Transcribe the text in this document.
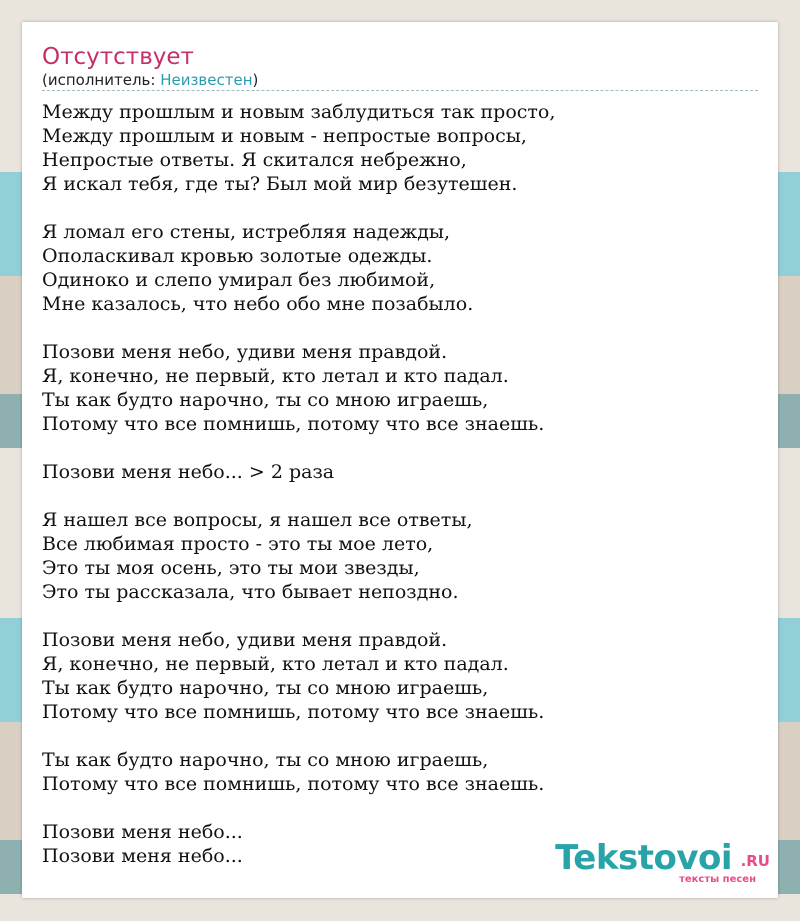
Отсутствует
(исполнитель: Неизвестен)
Между прошлым и новым заблудиться так просто,
Между прошлым и новым - непростые вопросы,
Непростые ответы. Я скитался небрежно,
Я искал тебя, где ты? Был мой мир безутешен.
Я ломал его стены, истребляя надежды,
Ополаскивал кровью золотые одежды.
Одиноко и слепо умирал без любимой,
Мне казалось, что небо обо мне позабыло.
Позови меня небо, удиви меня правдой.
Я, конечно, не первый, кто летал и кто падал.
Ты как будто нарочно, ты со мною играешь,
Потому что все помнишь, потому что все знаешь.
Позови меня небо... > 2 раза
Я нашел все вопросы, я нашел все ответы,
Все любимая просто - это ты мое лето,
Это ты моя осень, это ты мои звезды,
Это ты рассказала, что бывает непоздно.
Позови меня небо, удиви меня правдой.
Я, конечно, не первый, кто летал и кто падал.
Ты как будто нарочно, ты со мною играешь,
Потому что все помнишь, потому что все знаешь.
Ты как будто нарочно, ты со мною играешь,
Потому что все помнишь, потому что все знаешь.
Позови меня небо...
Позови меня небо...	Tekstovoi .RU
тексты песен
